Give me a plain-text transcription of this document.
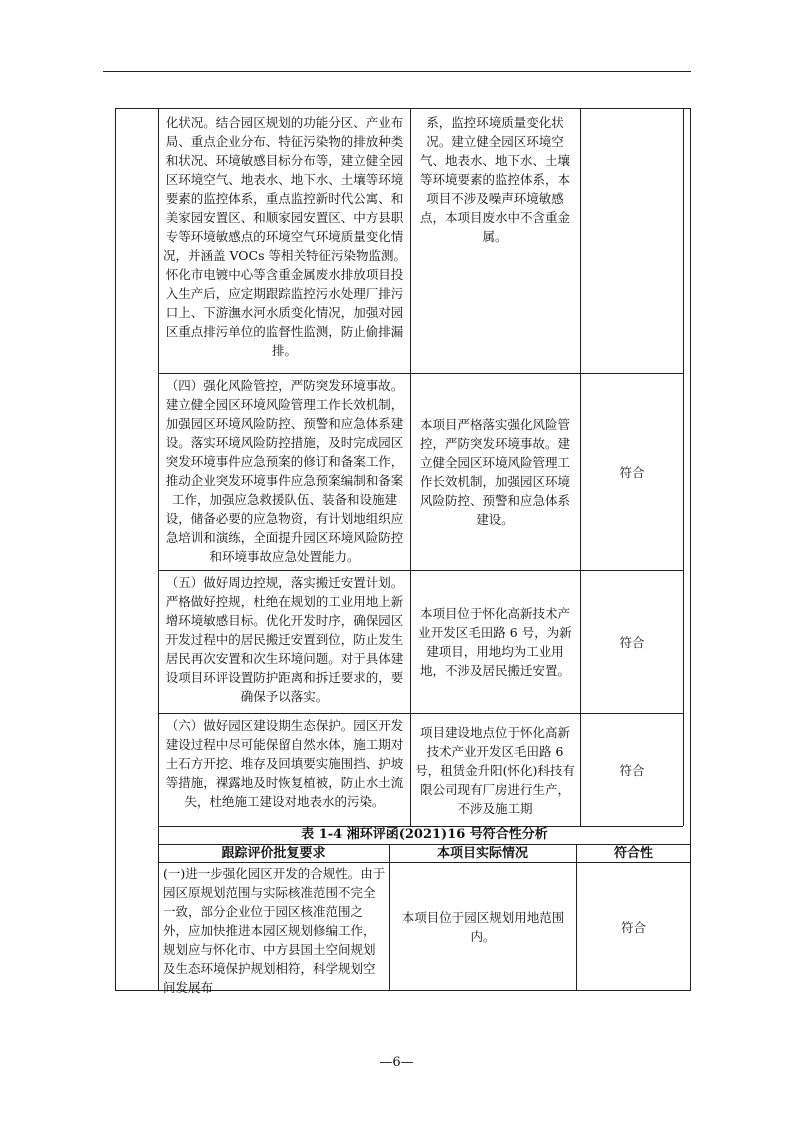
化状况。结合园区规划的功能分区、产业布局、重点企业分布、特征污染物的排放种类和状况、环境敏感目标分布等，建立健全园区环境空气、地表水、地下水、土壤等环境要素的监控体系，重点监控新时代公寓、和美家园安置区、和顺家园安置区、中方县职专等环境敏感点的环境空气环境质量变化情况，并涵盖 VOCs 等相关特征污染物监测。怀化市电镀中心等含重金属废水排放项目投入生产后，应定期跟踪监控污水处理厂排污口上、下游潕水河水质变化情况，加强对园区重点排污单位的监督性监测，防止偷排漏排。
系，监控环境质量变化状况。建立健全园区环境空气、地表水、地下水、土壤等环境要素的监控体系，本项目不涉及噪声环境敏感点，本项目废水中不含重金属。
（四）强化风险管控，严防突发环境事故。建立健全园区环境风险管理工作长效机制，加强园区环境风险防控、预警和应急体系建设。落实环境风险防控措施，及时完成园区突发环境事件应急预案的修订和备案工作，推动企业突发环境事件应急预案编制和备案工作，加强应急救援队伍、装备和设施建设，储备必要的应急物资，有计划地组织应急培训和演练，全面提升园区环境风险防控和环境事故应急处置能力。
本项目严格落实强化风险管控，严防突发环境事故。建立健全园区环境风险管理工作长效机制，加强园区环境风险防控、预警和应急体系建设。
符合
（五）做好周边控规，落实搬迁安置计划。严格做好控规，杜绝在规划的工业用地上新增环境敏感目标。优化开发时序，确保园区开发过程中的居民搬迁安置到位，防止发生居民再次安置和次生环境问题。对于具体建设项目环评设置防护距离和拆迁要求的，要确保予以落实。
本项目位于怀化高新技术产业开发区毛田路 6 号，为新建项目，用地均为工业用地，不涉及居民搬迁安置。
符合
（六）做好园区建设期生态保护。园区开发建设过程中尽可能保留自然水体，施工期对土石方开挖、堆存及回填要实施围挡、护坡等措施，裸露地及时恢复植被，防止水土流失，杜绝施工建设对地表水的污染。
项目建设地点位于怀化高新技术产业开发区毛田路 6 号，租赁金升阳(怀化)科技有限公司现有厂房进行生产，不涉及施工期
符合
表 1-4 湘环评函(2021)16 号符合性分析
跟踪评价批复要求	本项目实际情况	符合性
(一)进一步强化园区开发的合规性。由于园区原规划范围与实际核准范围不完全一致，部分企业位于园区核准范围之外，应加快推进本园区规划修编工作，规划应与怀化市、中方县国土空间规划及生态环境保护规划相符，科学规划空间发展布
本项目位于园区规划用地范围内。
符合
—6—
